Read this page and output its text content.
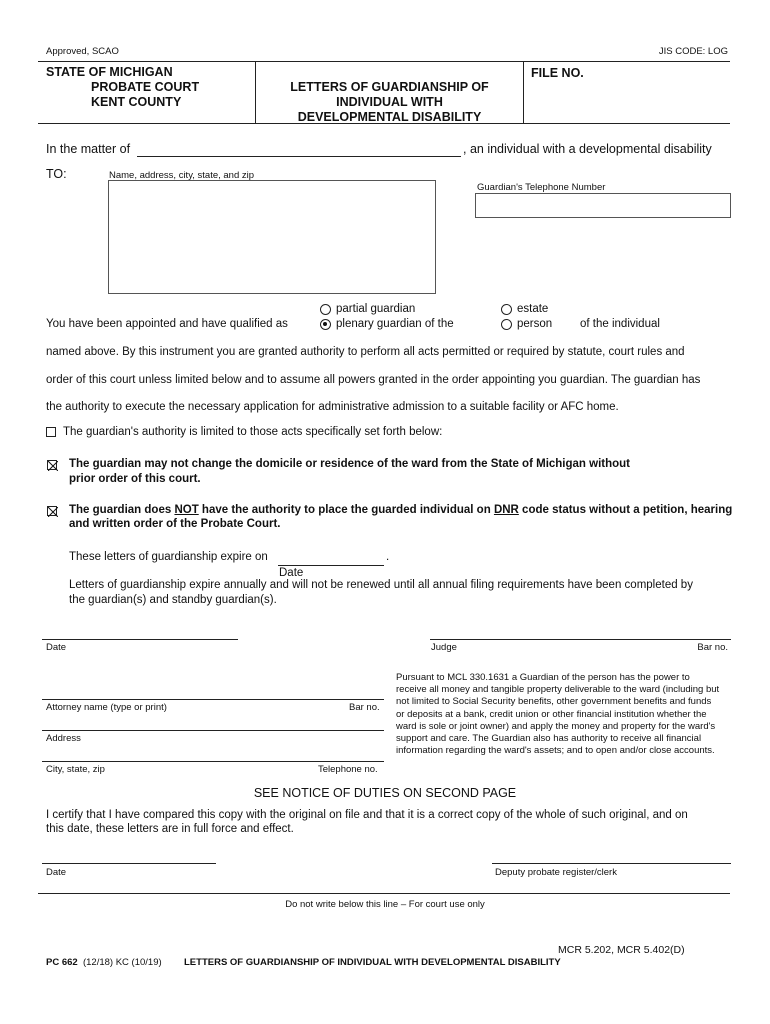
Approved, SCAO	JIS CODE: LOG
STATE OF MICHIGAN
PROBATE COURT
KENT COUNTY
LETTERS OF GUARDIANSHIP OF
INDIVIDUAL WITH
DEVELOPMENTAL DISABILITY
FILE NO.
In the matter of	, an individual with a developmental disability
TO:	Name, address, city, state, and zip
Guardian's Telephone Number
You have been appointed and have qualified as
partial guardian
plenary guardian of the
estate
person of the individual
named above. By this instrument you are granted authority to perform all acts permitted or required by statute, court rules and
order of this court unless limited below and to assume all powers granted in the order appointing you guardian. The guardian has
the authority to execute the necessary application for administrative admission to a suitable facility or AFC home.
The guardian's authority is limited to those acts specifically set forth below:
The guardian may not change the domicile or residence of the ward from the State of Michigan without
prior order of this court.
The guardian does NOT have the authority to place the guarded individual on DNR code status without a petition, hearing
and written order of the Probate Court.
These letters of guardianship expire on	.
Date
Letters of guardianship expire annually and will not be renewed until all annual filing requirements have been completed by
the guardian(s) and standby guardian(s).
Date	Judge	Bar no.
Attorney name (type or print)	Bar no.
Address
City, state, zip	Telephone no.
Pursuant to MCL 330.1631 a Guardian of the person has the power to
receive all money and tangible property deliverable to the ward (including but
not limited to Social Security benefits, other government benefits and funds
or deposits at a bank, credit union or other financial institution whether the
ward is sole or joint owner) and apply the money and property for the ward's
support and care. The Guardian also has authority to receive all financial
information regarding the ward's assets; and to open and/or close accounts.
SEE NOTICE OF DUTIES ON SECOND PAGE
I certify that I have compared this copy with the original on file and that it is a correct copy of the whole of such original, and on
this date, these letters are in full force and effect.
Date	Deputy probate register/clerk
Do not write below this line – For court use only
MCR 5.202, MCR 5.402(D)
PC 662 (12/18) KC (10/19) LETTERS OF GUARDIANSHIP OF INDIVIDUAL WITH DEVELOPMENTAL DISABILITY
